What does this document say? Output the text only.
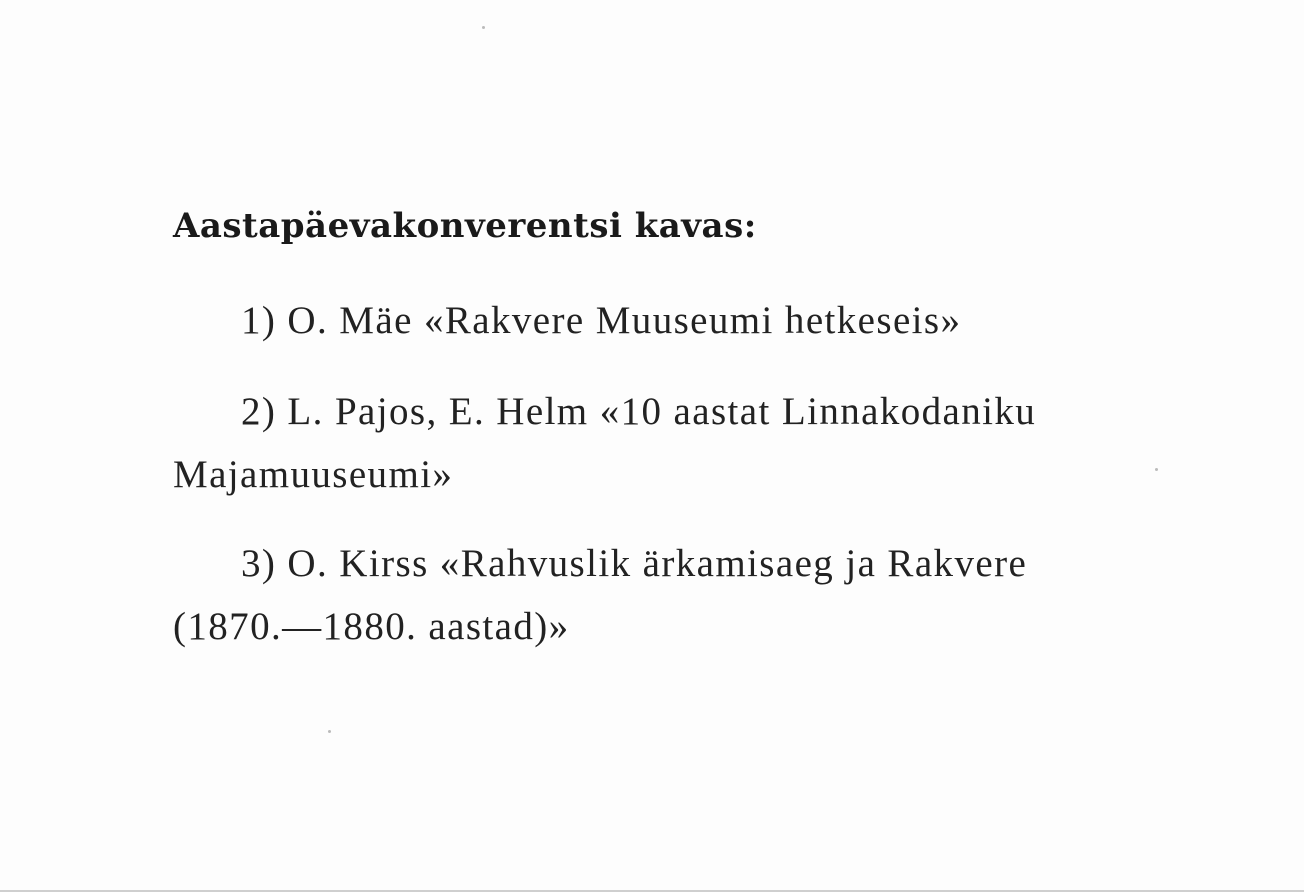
Aastapäevakonverentsi kavas:
1) O. Mäe «Rakvere Muuseumi hetkeseis»
2) L. Pajos, E. Helm «10 aastat Linnakodaniku
Majamuuseumi»
3) O. Kirss «Rahvuslik ärkamisaeg ja Rakvere
(1870.—1880. aastad)»
